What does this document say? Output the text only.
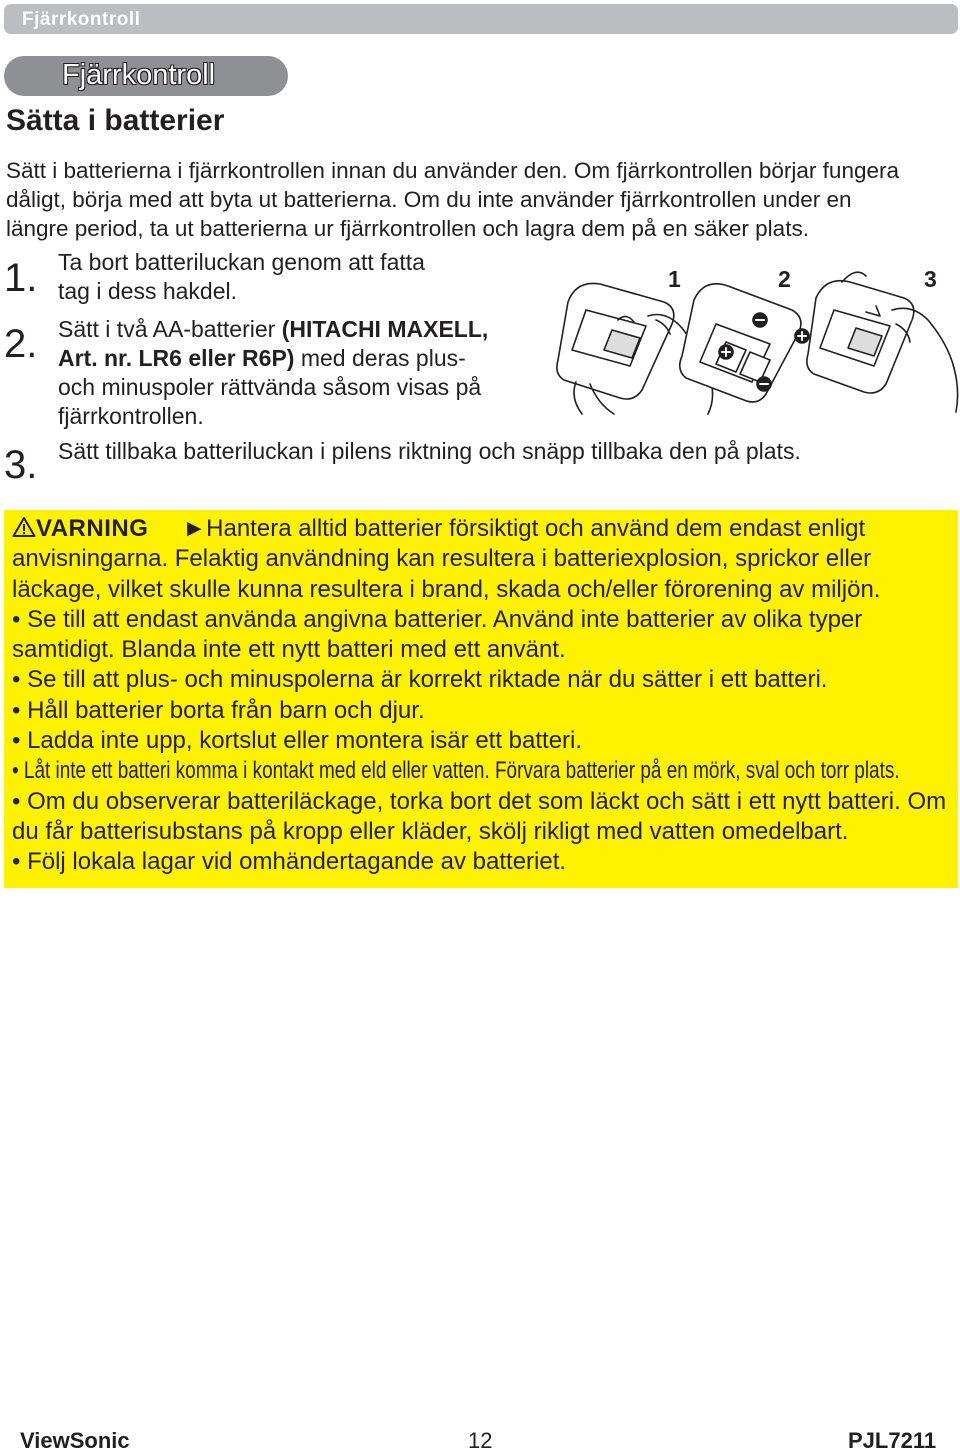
Fjärrkontroll
Fjärrkontroll
Sätta i batterier
Sätt i batterierna i fjärrkontrollen innan du använder den. Om fjärrkontrollen börjar fungera
dåligt, börja med att byta ut batterierna. Om du inte använder fjärrkontrollen under en
längre period, ta ut batterierna ur fjärrkontrollen och lagra dem på en säker plats.
1. Ta bort batteriluckan genom att fatta
tag i dess hakdel.
2. Sätt i två AA-batterier (HITACHI MAXELL,
Art. nr. LR6 eller R6P) med deras plus-
och minuspoler rättvända såsom visas på
fjärrkontrollen.
3. Sätt tillbaka batteriluckan i pilens riktning och snäpp tillbaka den på plats.
1	2	3

VARNING ►Hantera alltid batterier försiktigt och använd dem endast enligt anvisningarna. Felaktig användning kan resultera i batteriexplosion, sprickor eller läckage, vilket skulle kunna resultera i brand, skada och/eller förorening av miljön.

• Se till att endast använda angivna batterier. Använd inte batterier av olika typer samtidigt. Blanda inte ett nytt batteri med ett använt.

• Se till att plus- och minuspolerna är korrekt riktade när du sätter i ett batteri.

• Håll batterier borta från barn och djur.

• Ladda inte upp, kortslut eller montera isär ett batteri.

• Låt inte ett batteri komma i kontakt med eld eller vatten. Förvara batterier på en mörk, sval och torr plats.

• Om du observerar batteriläckage, torka bort det som läckt och sätt i ett nytt batteri. Om du får batterisubstans på kropp eller kläder, skölj rikligt med vatten omedelbart.

• Följ lokala lagar vid omhändertagande av batteriet.

ViewSonic	12	PJL7211
